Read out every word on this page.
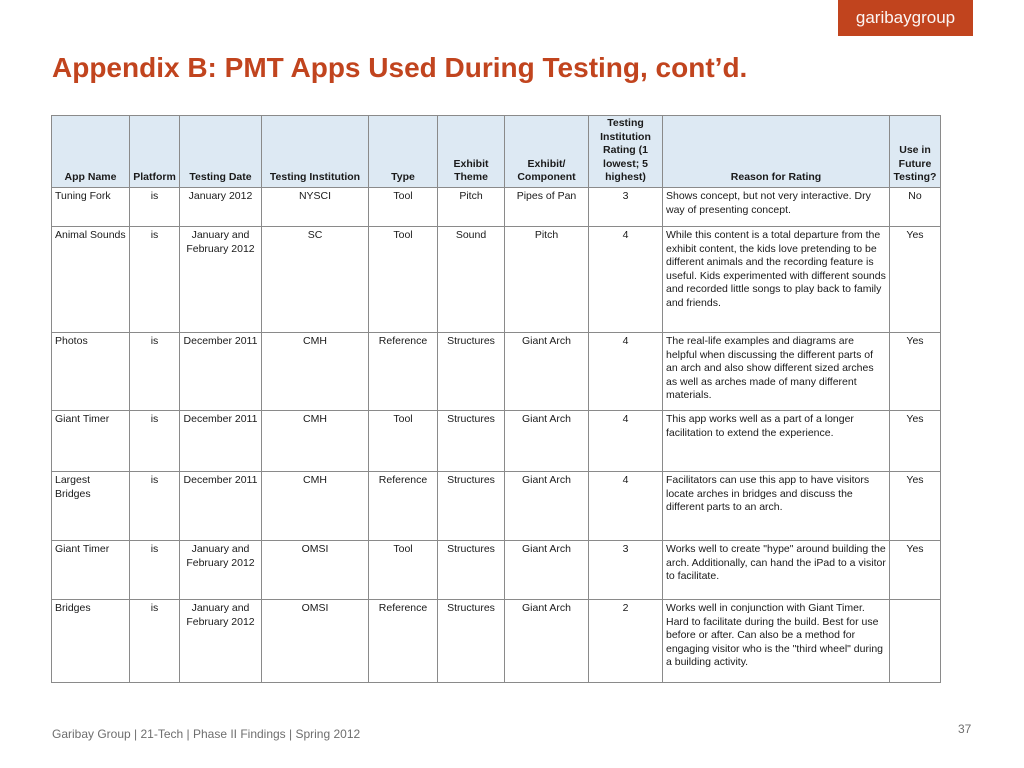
garibaygroup
Appendix B: PMT Apps Used During Testing, cont’d.
App Name	Platform	Testing Date	Testing Institution	Type	Exhibit Theme	Exhibit/ Component	Testing Institution Rating (1 lowest; 5 highest)	Reason for Rating	Use in Future Testing?
Tuning Fork	is	January 2012	NYSCI	Tool	Pitch	Pipes of Pan	3	Shows concept, but not very interactive. Dry way of presenting concept.	No
Animal Sounds	is	January and February 2012	SC	Tool	Sound	Pitch	4	While this content is a total departure from the exhibit content, the kids love pretending to be different animals and the recording feature is useful. Kids experimented with different sounds and recorded little songs to play back to family and friends.	Yes
Photos	is	December 2011	CMH	Reference	Structures	Giant Arch	4	The real-life examples and diagrams are helpful when discussing the different parts of an arch and also show different sized arches as well as arches made of many different materials.	Yes
Giant Timer	is	December 2011	CMH	Tool	Structures	Giant Arch	4	This app works well as a part of a longer facilitation to extend the experience.	Yes
Largest Bridges	is	December 2011	CMH	Reference	Structures	Giant Arch	4	Facilitators can use this app to have visitors locate arches in bridges and discuss the different parts to an arch.	Yes
Giant Timer	is	January and February 2012	OMSI	Tool	Structures	Giant Arch	3	Works well to create "hype" around building the arch. Additionally, can hand the iPad to a visitor to facilitate.	Yes
Bridges	is	January and February 2012	OMSI	Reference	Structures	Giant Arch	2	Works well in conjunction with Giant Timer. Hard to facilitate during the build. Best for use before or after. Can also be a method for engaging visitor who is the "third wheel" during a building activity.	
Garibay Group | 21-Tech | Phase II Findings | Spring 2012	37
